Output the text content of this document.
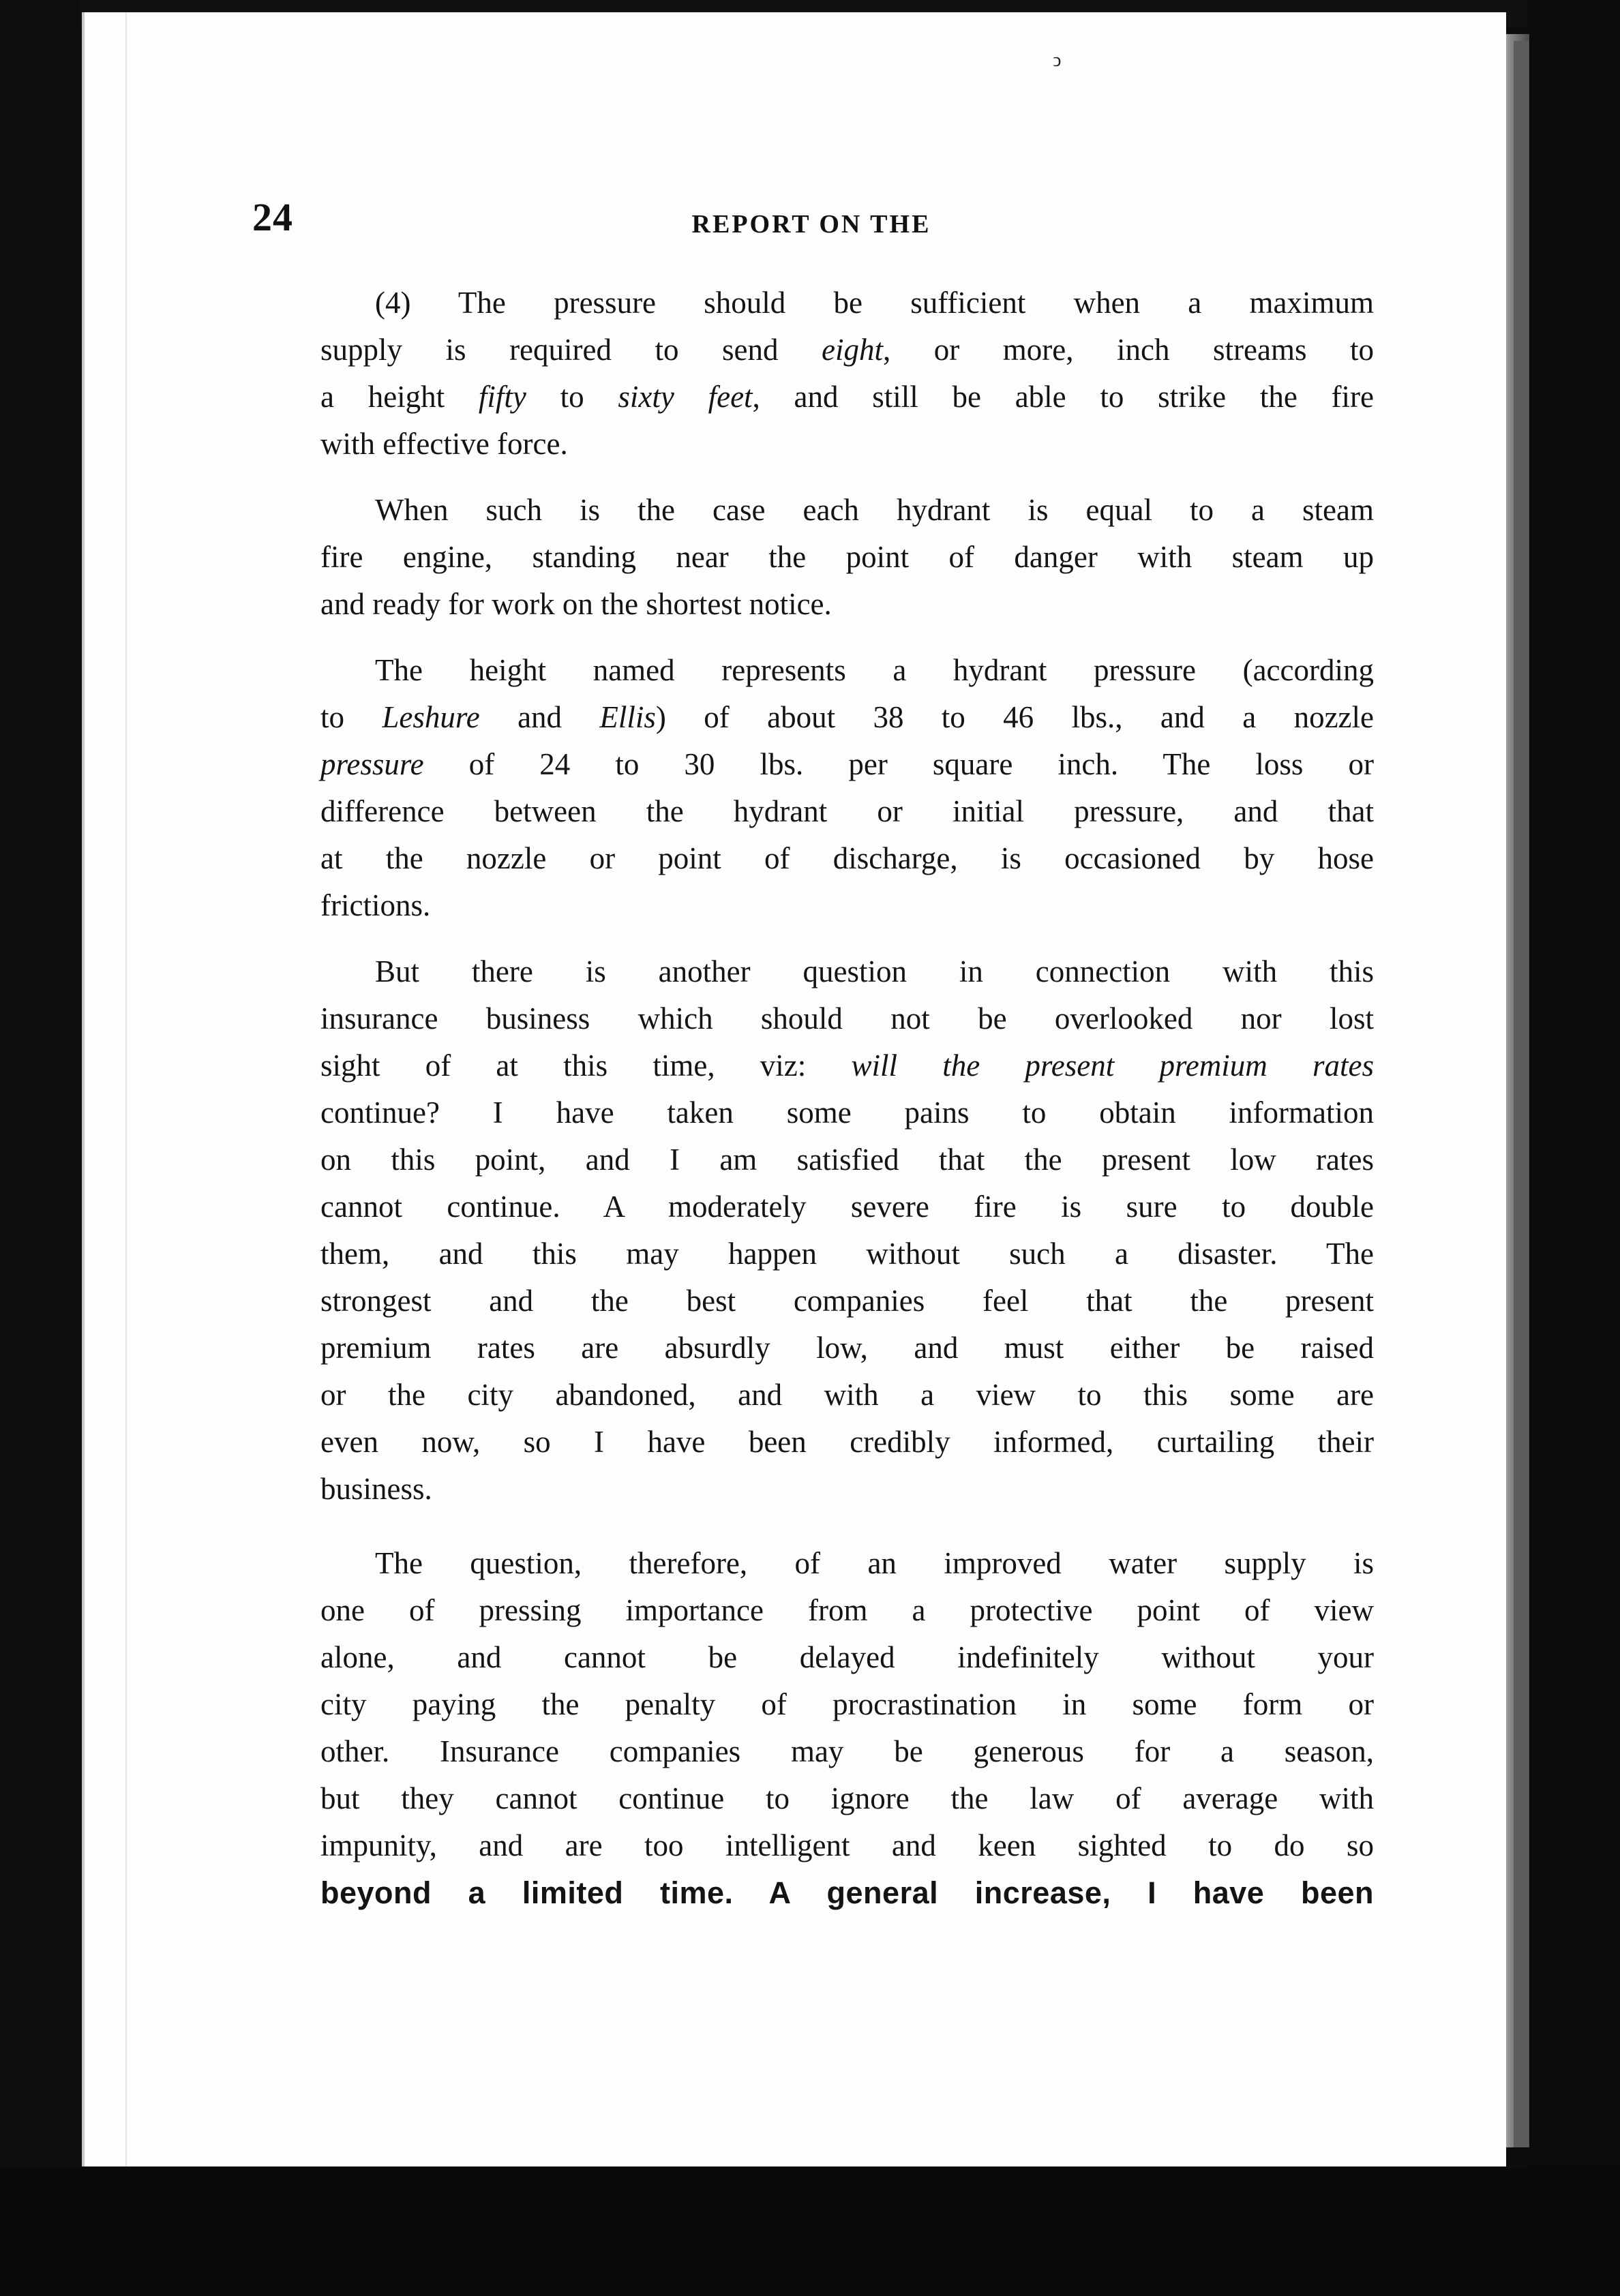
ↄ
24	REPORT ON THE
(4) The pressure should be sufficient when a maximum
supply is required to send eight, or more, inch streams to
a height fifty to sixty feet, and still be able to strike the fire
with effective force.
When such is the case each hydrant is equal to a steam
fire engine, standing near the point of danger with steam up
and ready for work on the shortest notice.
The height named represents a hydrant pressure (according
to Leshure and Ellis) of about 38 to 46 lbs., and a nozzle
pressure of 24 to 30 lbs. per square inch. The loss or
difference between the hydrant or initial pressure, and that
at the nozzle or point of discharge, is occasioned by hose
frictions.
But there is another question in connection with this
insurance business which should not be overlooked nor lost
sight of at this time, viz: will the present premium rates
continue? I have taken some pains to obtain information
on this point, and I am satisfied that the present low rates
cannot continue. A moderately severe fire is sure to double
them, and this may happen without such a disaster. The
strongest and the best companies feel that the present
premium rates are absurdly low, and must either be raised
or the city abandoned, and with a view to this some are
even now, so I have been credibly informed, curtailing their
business.
The question, therefore, of an improved water supply is
one of pressing importance from a protective point of view
alone, and cannot be delayed indefinitely without your
city paying the penalty of procrastination in some form or
other. Insurance companies may be generous for a season,
but they cannot continue to ignore the law of average with
impunity, and are too intelligent and keen sighted to do so
beyond a limited time. A general increase, I have been
